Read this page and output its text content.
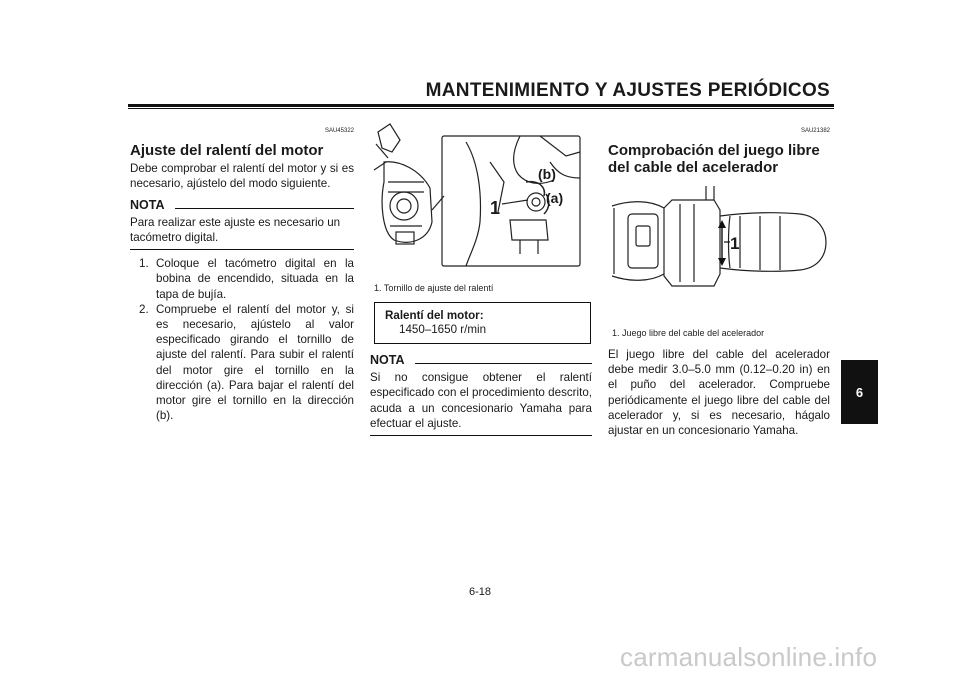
MANTENIMIENTO Y AJUSTES PERIÓDICOS
SAU45322
Ajuste del ralentí del motor
Debe comprobar el ralentí del motor y si es necesario, ajústelo del modo siguiente.
NOTA
Para realizar este ajuste es necesario un tacómetro digital.
1. Coloque el tacómetro digital en la bobina de encendido, situada en la tapa de bujía.
2. Compruebe el ralentí del motor y, si es necesario, ajústelo al valor especificado girando el tornillo de ajuste del ralentí. Para subir el ralentí del motor gire el tornillo en la dirección (a). Para bajar el ralentí del motor gire el tornillo en la dirección (b).
(b)
(a)
1
1. Tornillo de ajuste del ralentí
Ralentí del motor:
1450–1650 r/min
NOTA
Si no consigue obtener el ralentí especificado con el procedimiento descrito, acuda a un concesionario Yamaha para efectuar el ajuste.
SAU21382
Comprobación del juego libre del cable del acelerador
1
1. Juego libre del cable del acelerador
El juego libre del cable del acelerador debe medir 3.0–5.0 mm (0.12–0.20 in) en el puño del acelerador. Compruebe periódicamente el juego libre del cable del acelerador y, si es necesario, hágalo ajustar en un concesionario Yamaha.
6
6-18
carmanualsonline.info
